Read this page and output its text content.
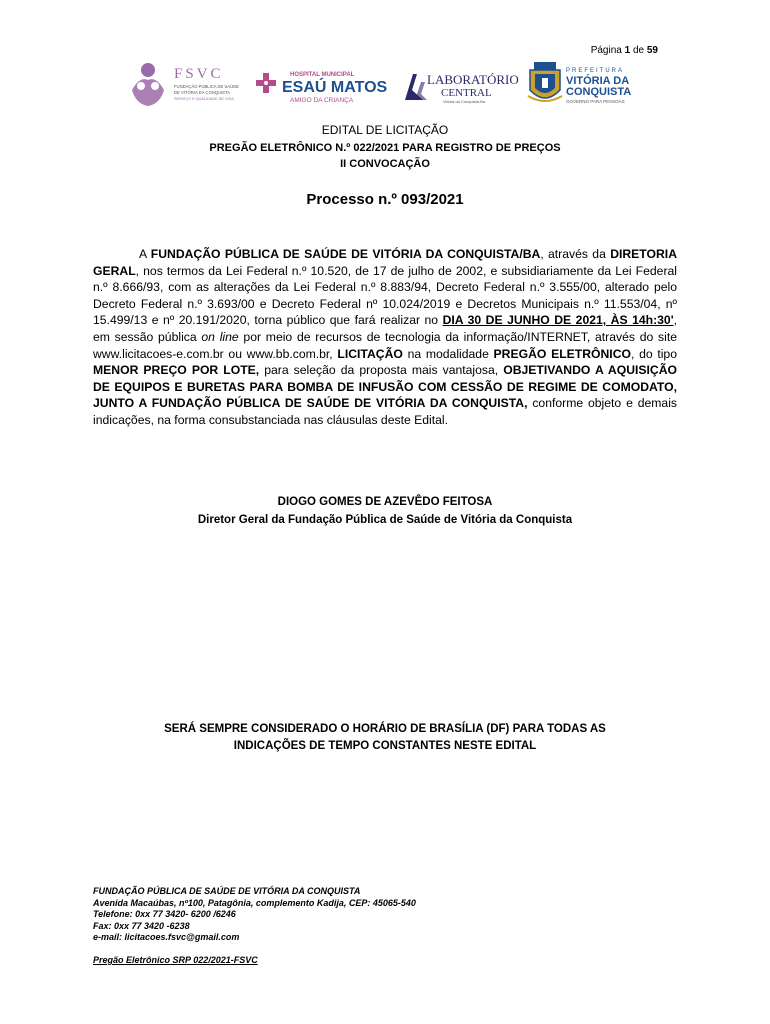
Página 1 de 59
FSVC
FUNDAÇÃO PÚBLICA DE SAÚDE
DE VITÓRIA DA CONQUISTA
SERVIÇO E QUALIDADE DE VIDA
HOSPITAL MUNICIPAL
ESAÚ MATOS
AMIGO DA CRIANÇA
LABORATÓRIO
CENTRAL
Vitória da Conquista-Ba
PREFEITURA
VITÓRIA DA
CONQUISTA
GOVERNO PARA PESSOAS
EDITAL DE LICITAÇÃO
PREGÃO ELETRÔNICO N.º 022/2021 PARA REGISTRO DE PREÇOS
II CONVOCAÇÃO
Processo n.º 093/2021
A FUNDAÇÃO PÚBLICA DE SAÚDE DE VITÓRIA DA CONQUISTA/BA, através da DIRETORIA GERAL, nos termos da Lei Federal n.º 10.520, de 17 de julho de 2002, e subsidiariamente da Lei Federal n.º 8.666/93, com as alterações da Lei Federal n.º 8.883/94, Decreto Federal n.º 3.555/00, alterado pelo Decreto Federal n.º 3.693/00 e Decreto Federal nº 10.024/2019 e Decretos Municipais n.º 11.553/04, nº 15.499/13 e nº 20.191/2020, torna público que fará realizar no DIA 30 DE JUNHO DE 2021, ÀS 14h:30', em sessão pública on line por meio de recursos de tecnologia da informação/INTERNET, através do site www.licitacoes-e.com.br ou www.bb.com.br, LICITAÇÃO na modalidade PREGÃO ELETRÔNICO, do tipo MENOR PREÇO POR LOTE, para seleção da proposta mais vantajosa, OBJETIVANDO A AQUISIÇÃO DE EQUIPOS E BURETAS PARA BOMBA DE INFUSÃO COM CESSÃO DE REGIME DE COMODATO, JUNTO A FUNDAÇÃO PÚBLICA DE SAÚDE DE VITÓRIA DA CONQUISTA, conforme objeto e demais indicações, na forma consubstanciada nas cláusulas deste Edital.
DIOGO GOMES DE AZEVÊDO FEITOSA
Diretor Geral da Fundação Pública de Saúde de Vitória da Conquista
SERÁ SEMPRE CONSIDERADO O HORÁRIO DE BRASÍLIA (DF) PARA TODAS AS
INDICAÇÕES DE TEMPO CONSTANTES NESTE EDITAL
FUNDAÇÃO PÚBLICA DE SAÚDE DE VITÓRIA DA CONQUISTA
Avenida Macaúbas, nº100, Patagônia, complemento Kadija, CEP: 45065-540
Telefone: 0xx 77 3420- 6200 /6246
Fax: 0xx 77 3420 -6238
e-mail: licitacoes.fsvc@gmail.com
Pregão Eletrônico SRP 022/2021-FSVC
